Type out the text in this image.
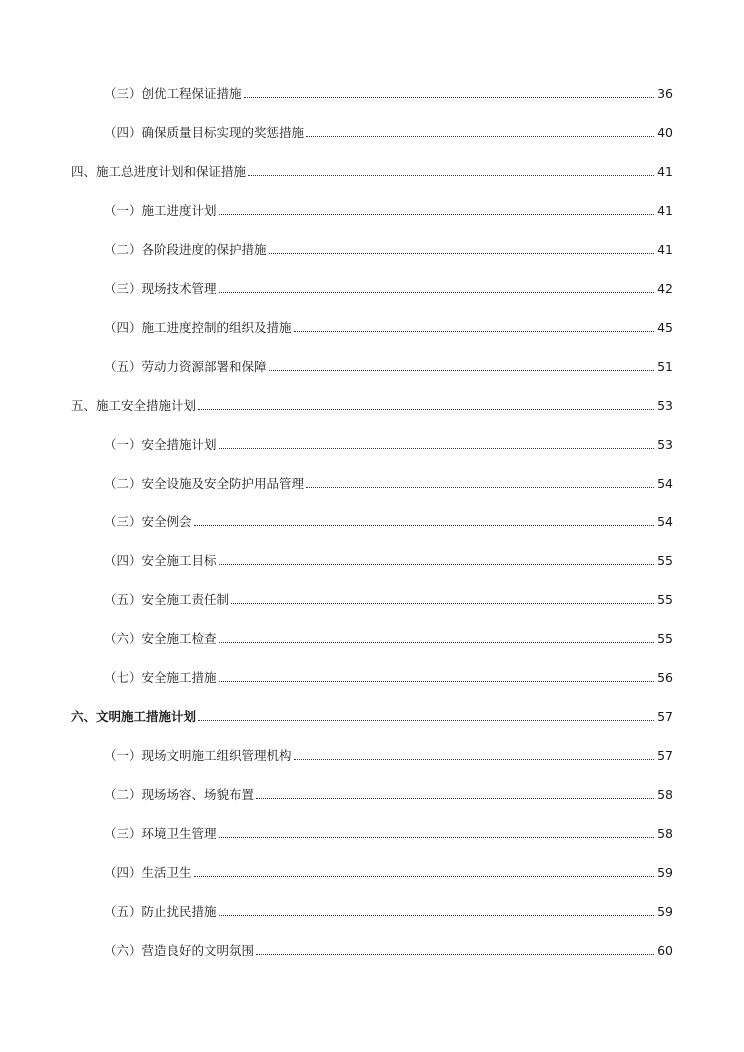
（三）创优工程保证措施	36
（四）确保质量目标实现的奖惩措施	40
四、施工总进度计划和保证措施	41
（一）施工进度计划	41
（二）各阶段进度的保护措施	41
（三）现场技术管理	42
（四）施工进度控制的组织及措施	45
（五）劳动力资源部署和保障	51
五、施工安全措施计划	53
（一）安全措施计划	53
（二）安全设施及安全防护用品管理	54
（三）安全例会	54
（四）安全施工目标	55
（五）安全施工责任制	55
（六）安全施工检查	55
（七）安全施工措施	56
六、文明施工措施计划	57
（一）现场文明施工组织管理机构	57
（二）现场场容、场貌布置	58
（三）环境卫生管理	58
（四）生活卫生	59
（五）防止扰民措施	59
（六）营造良好的文明氛围	60
